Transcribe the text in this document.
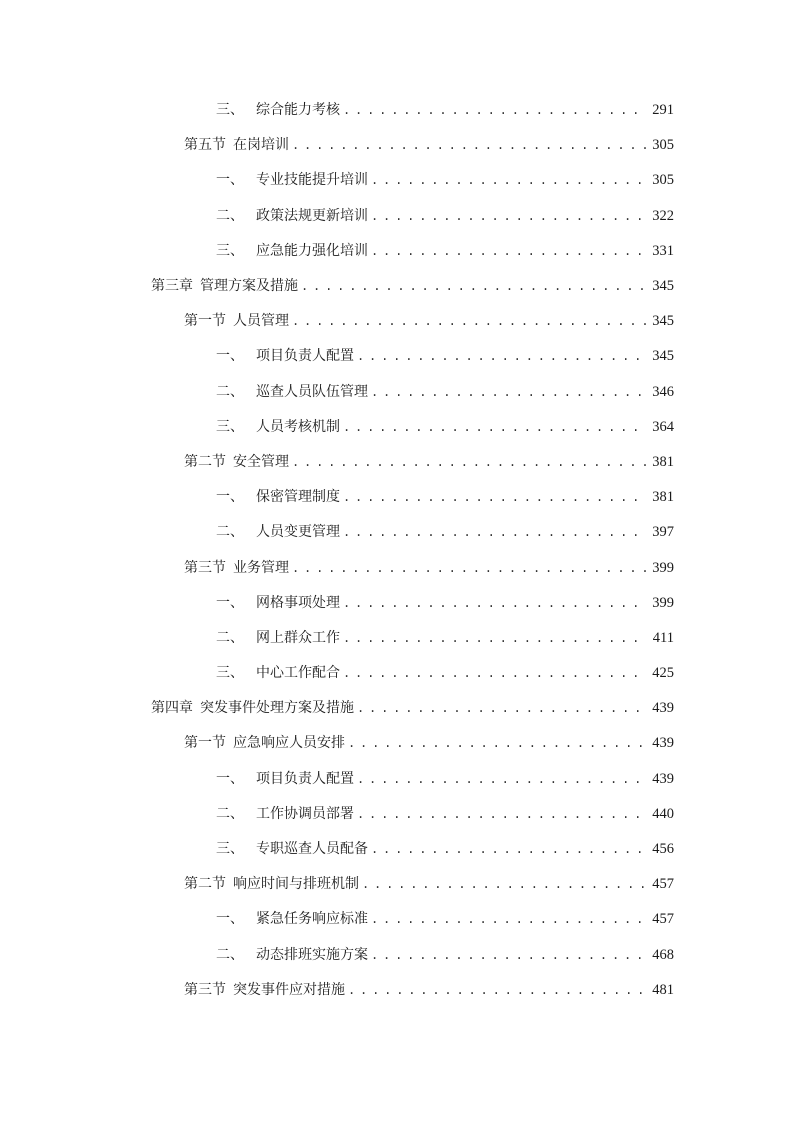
三、 综合能力考核 . . .	291
第五节 在岗培训 . . .	305
一、 专业技能提升培训 . . .	305
二、 政策法规更新培训 . . .	322
三、 应急能力强化培训 . . .	331
第三章 管理方案及措施 . . .	345
第一节 人员管理 . . .	345
一、 项目负责人配置 . . .	345
二、 巡查人员队伍管理 . . .	346
三、 人员考核机制 . . .	364
第二节 安全管理 . . .	381
一、 保密管理制度 . . .	381
二、 人员变更管理 . . .	397
第三节 业务管理 . . .	399
一、 网格事项处理 . . .	399
二、 网上群众工作 . . .	411
三、 中心工作配合 . . .	425
第四章 突发事件处理方案及措施 . . .	439
第一节 应急响应人员安排 . . .	439
一、 项目负责人配置 . . .	439
二、 工作协调员部署 . . .	440
三、 专职巡查人员配备 . . .	456
第二节 响应时间与排班机制 . . .	457
一、 紧急任务响应标准 . . .	457
二、 动态排班实施方案 . . .	468
第三节 突发事件应对措施 . . .	481
